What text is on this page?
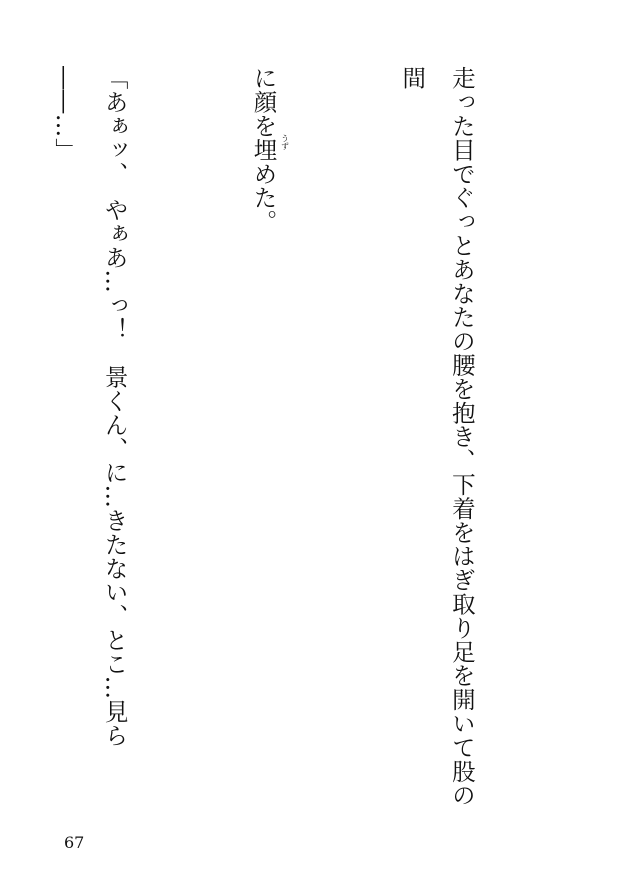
走った目でぐっとあなたの腰を抱き、下着をはぎ取り足を開いて股の間

に顔を埋 うず
めた。

「あぁッ、　やぁあ…っ！　景くん、に…きたない、とこ…見ら――…」

67
